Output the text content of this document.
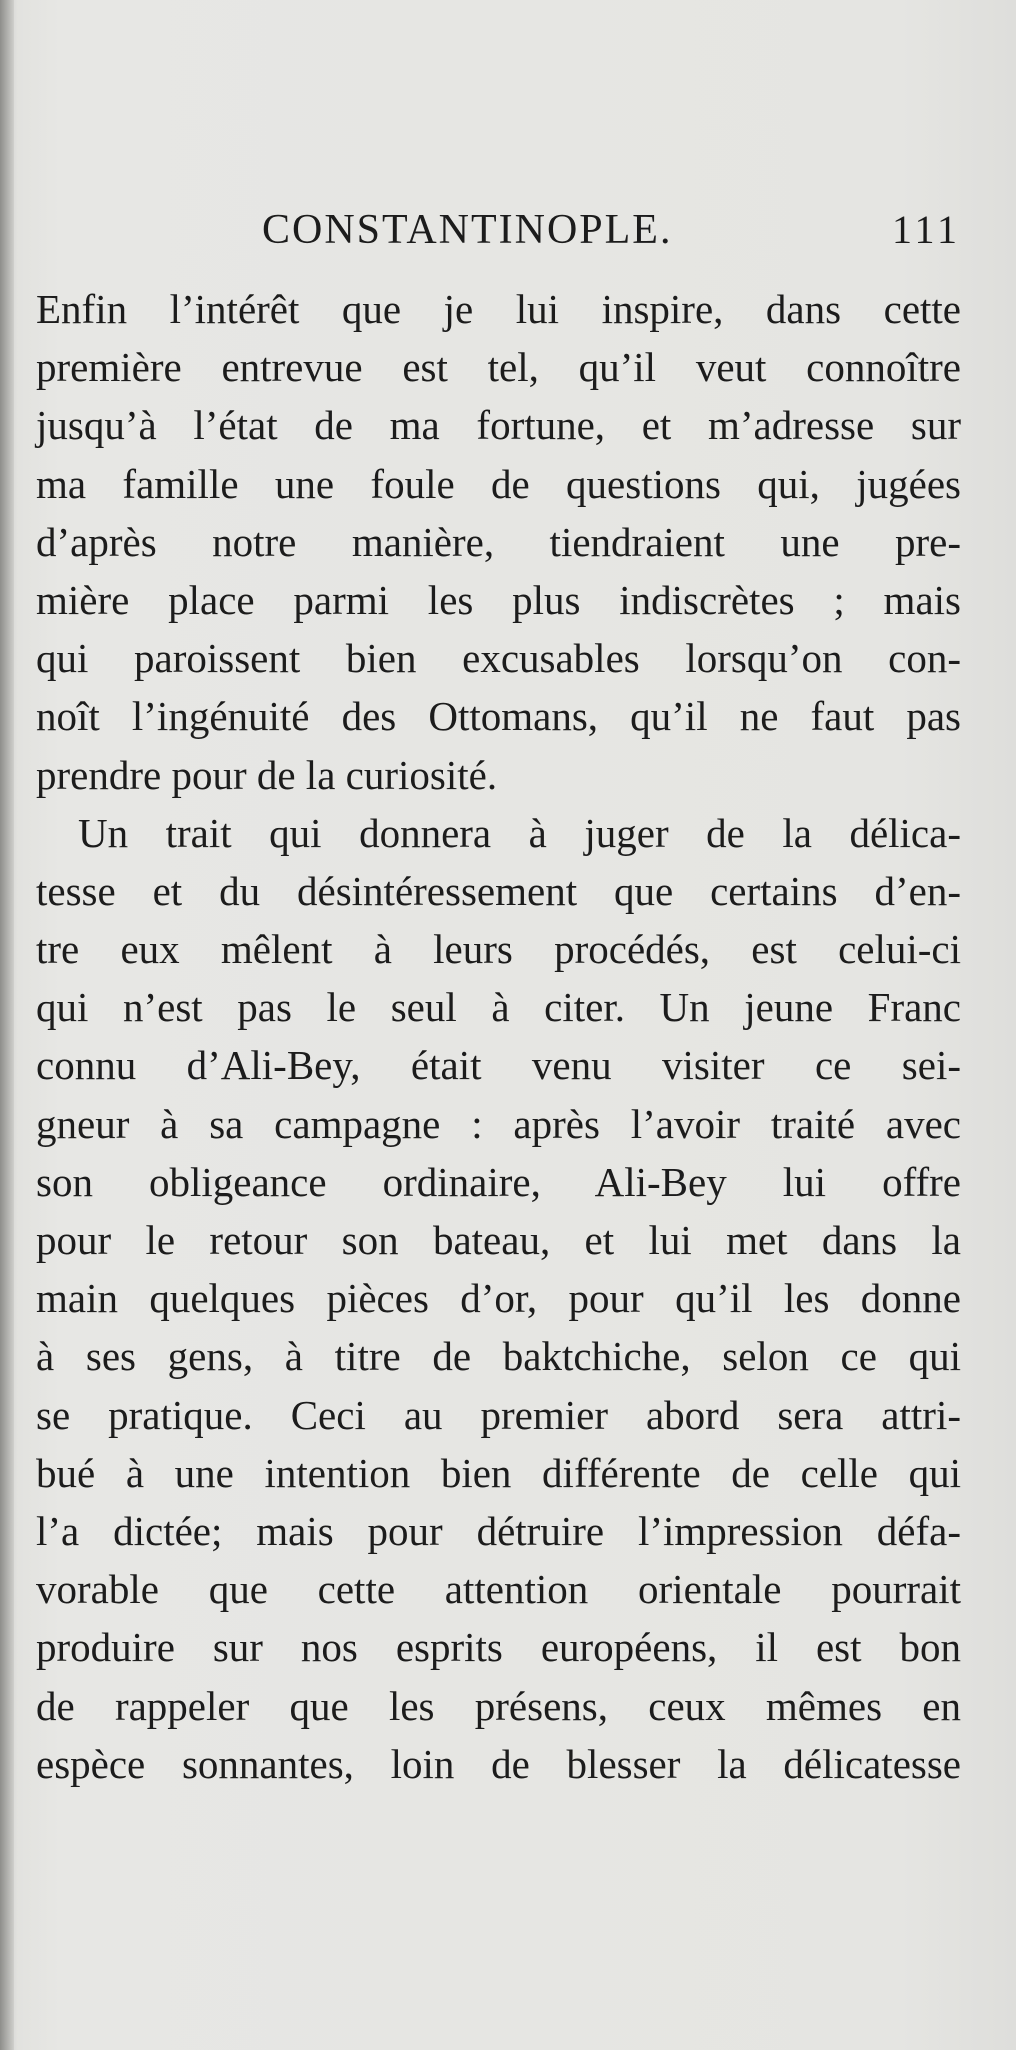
CONSTANTINOPLE.	111
Enfin l’intérêt que je lui inspire, dans cette
première entrevue est tel, qu’il veut connoître
jusqu’à l’état de ma fortune, et m’adresse sur
ma famille une foule de questions qui, jugées
d’après notre manière, tiendraient une pre-
mière place parmi les plus indiscrètes ; mais
qui paroissent bien excusables lorsqu’on con-
noît l’ingénuité des Ottomans, qu’il ne faut pas
prendre pour de la curiosité.
Un trait qui donnera à juger de la délica-
tesse et du désintéressement que certains d’en-
tre eux mêlent à leurs procédés, est celui-ci
qui n’est pas le seul à citer. Un jeune Franc
connu d’Ali-Bey, était venu visiter ce sei-
gneur à sa campagne : après l’avoir traité avec
son obligeance ordinaire, Ali-Bey lui offre
pour le retour son bateau, et lui met dans la
main quelques pièces d’or, pour qu’il les donne
à ses gens, à titre de baktchiche, selon ce qui
se pratique. Ceci au premier abord sera attri-
bué à une intention bien différente de celle qui
l’a dictée; mais pour détruire l’impression défa-
vorable que cette attention orientale pourrait
produire sur nos esprits européens, il est bon
de rappeler que les présens, ceux mêmes en
espèce sonnantes, loin de blesser la délicatesse
